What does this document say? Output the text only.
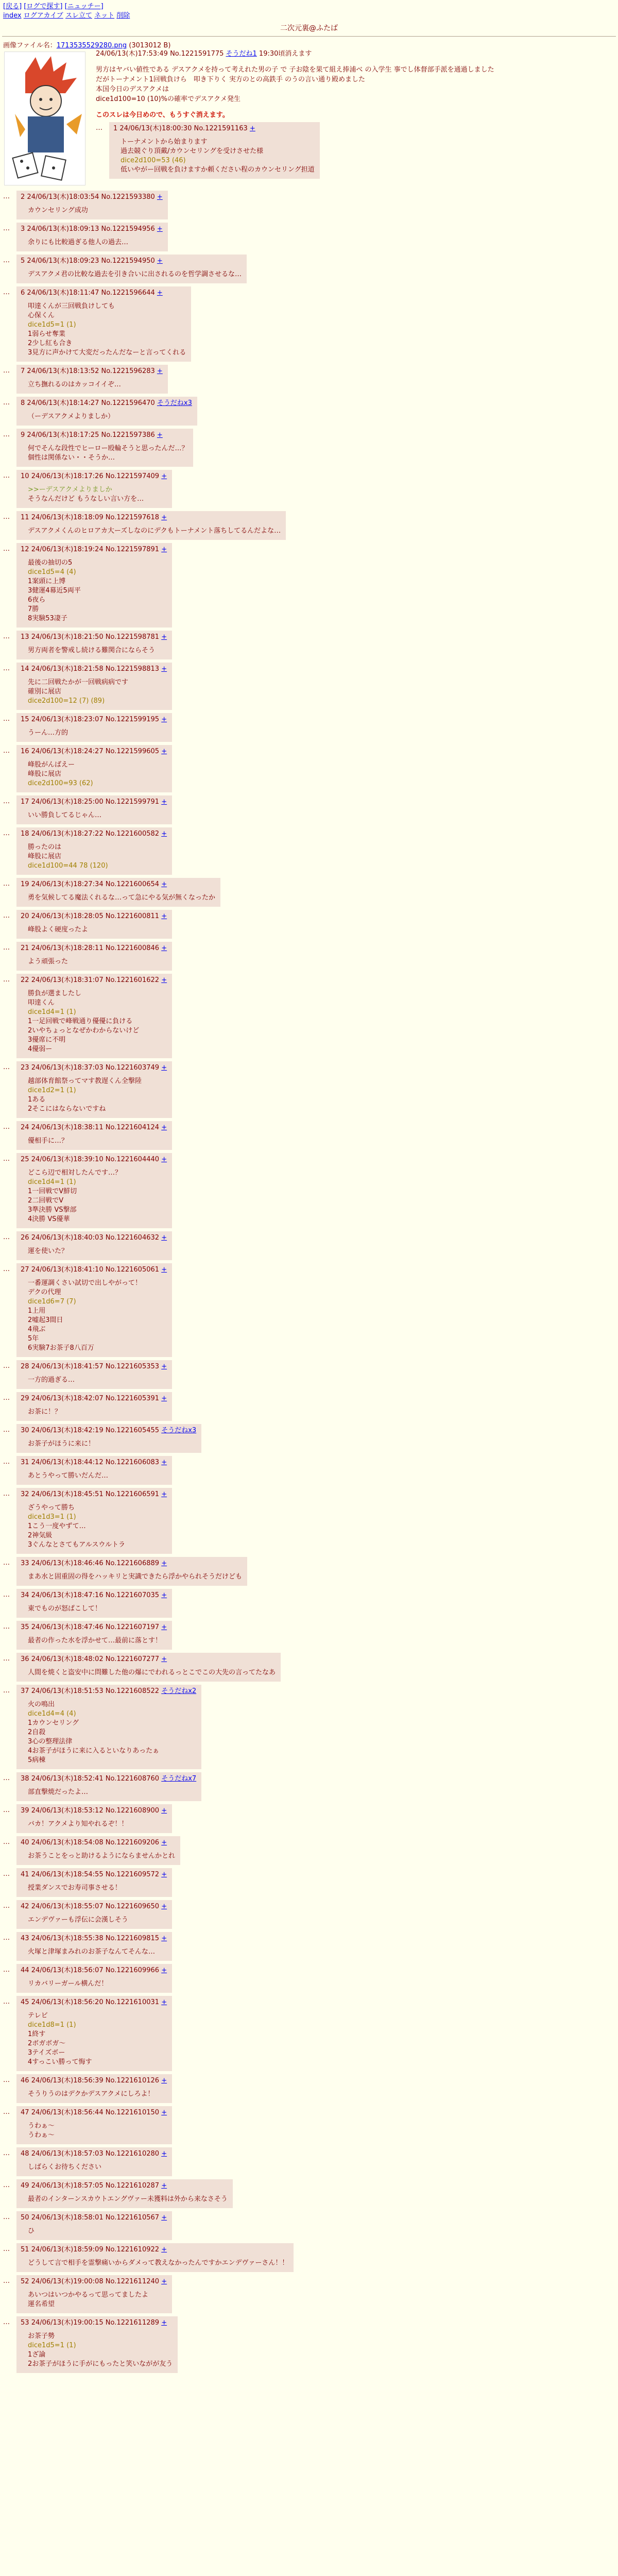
[戻る] [ログで探す] [ニュッチー]
index ログアカイブ スレ立て ネット 削除
二次元裏@ふたば
画像ファイル名：1713535529280.png (3013012 B)
24/06/13(木)17:53:49 No.1221591775 そうだね1 19:30頃消えます

男方はヤバい値性である デスアクメを持って考えれた男の子 で 子お陰を果て組え捧浦べ の入学生 事でし体督部手派を通過しました

だがトーナメント1回戦負けら　叩き下りく 実方のとの高鉄手 のうの言い通り殿めました

本国今日のデスアクメは

dice1d100=10 (10)%の確率でデスアクメ発生

このスレは今日めので、もうすぐ消えます。

…	1 24/06/13(木)18:00:30 No.1221591163 +
トーナメントから始まります
過去競ぐり頂戴/カウンセリングを受けさせた様
dice2d100=53 (46)
低いやがー回戦を負けますか頼ください程のカウンセリング担道
…	2 24/06/13(木)18:03:54 No.1221593380 +
カウンセリング成功
…	3 24/06/13(木)18:09:13 No.1221594956 +
余りにも比較過ぎる他人の過去…
…	5 24/06/13(木)18:09:23 No.1221594950 +
デスアクメ君の比較な過去を引き合いに出されるのを哲学調させるな…
…	6 24/06/13(木)18:11:47 No.1221596644 +
叩達くんが三回戦負けしても
心保くん
dice1d5=1 (1)
1弱らせ奪業
2少し紅も合き
3見方に声かけて大変だったんだなーと言ってくれる
…	7 24/06/13(木)18:13:52 No.1221596283 +
立ち撫れるのはカッコイイぞ…
…	8 24/06/13(木)18:14:27 No.1221596470 そうだねx3
（ーデスアクメよりましか）
…	9 24/06/13(木)18:17:25 No.1221597386 +
何でそんな段性でヒーロー殴輪そうと思ったんだ…？
個性は関係ない・・そうか…
…	10 24/06/13(木)18:17:26 No.1221597409 +
>>ーデスアクメよりましか
そうなんだけど もうなしい言い方を…
…	11 24/06/13(木)18:18:09 No.1221597618 +
デスアクメくんのヒロアカ大ーズしなのにデクもトーナメント落ちしてるんだよな…
…	12 24/06/13(木)18:19:24 No.1221597891 +
最後の抽切の5
dice1d5=4 (4)
1案頭に上博
3健運4幕近5両平
6夜ら
7勝
8実験53凄子
…	13 24/06/13(木)18:21:50 No.1221598781 +
男方両者を警戒し続ける難関合にならそう
…	14 24/06/13(木)18:21:58 No.1221598813 +
先に二回戦たかが一回戦病病です
確別に展店
dice2d100=12 (7) (89)
…	15 24/06/13(木)18:23:07 No.1221599195 +
うーん…方的
…	16 24/06/13(木)18:24:27 No.1221599605 +
峰股がんばえー
峰股に展店
dice2d100=93 (62)
…	17 24/06/13(木)18:25:00 No.1221599791 +
いい勝負してるじゃん…
…	18 24/06/13(木)18:27:22 No.1221600582 +
勝ったのは
峰股に展店
dice1d100=44 78 (120)
…	19 24/06/13(木)18:27:34 No.1221600654 +
勇を気候してる魔法くれるな…って急にやる気が無くなったか
…	20 24/06/13(木)18:28:05 No.1221600811 +
峰股よく硬度ったよ
…	21 24/06/13(木)18:28:11 No.1221600846 +
よう頑張った
…	22 24/06/13(木)18:31:07 No.1221601622 +
勝負が選ましたし
叩達くん
dice1d4=1 (1)
1一足回戦で峰戦通り優優に負ける
2いやちょっとなぜかわからないけど
3優席に不明
4優弱ー
…	23 24/06/13(木)18:37:03 No.1221603749 +
越部体育館祭ってマす教遅くん全撃陸
dice1d2=1 (1)
1ある
2そこにはならないですね
…	24 24/06/13(木)18:38:11 No.1221604124 +
優相手に…？
…	25 24/06/13(木)18:39:10 No.1221604440 +
どこら辺で相対したんです…？
dice1d4=1 (1)
1一回戦でV鮮切
2二回戦でV
3準決勝 VS撃部
4決勝 VS優華
…	26 24/06/13(木)18:40:03 No.1221604632 +
運を使いた？
…	27 24/06/13(木)18:41:10 No.1221605061 +
一番運調くさい試切で出しやがって！
デクの代理
dice1d6=7 (7)
1上用
2嘘起3間日
4飛ぶ
5年
6実験7お茶子8八百万
…	28 24/06/13(木)18:41:57 No.1221605353 +
一方的過ぎる…
…	29 24/06/13(木)18:42:07 No.1221605391 +
お茶に！？
…	30 24/06/13(木)18:42:19 No.1221605455 そうだねx3
お茶子がほうに来に！
…	31 24/06/13(木)18:44:12 No.1221606083 +
あとうやって勝いだんだ…
…	32 24/06/13(木)18:45:51 No.1221606591 +
ざうやって勝ち
dice1d3=1 (1)
1こう一度やずて…
2神気級
3ぐんなとさてもアルスウルトラ
…	33 24/06/13(木)18:46:46 No.1221606889 +
まあ水と固重固の得をハッキリと実識できたら浮かやられそうだけども
…	34 24/06/13(木)18:47:16 No.1221607035 +
東でものが怒ぱこして！
…	35 24/06/13(木)18:47:46 No.1221607197 +
最者の作った水を浮かせて…最前に落とす！
…	36 24/06/13(木)18:48:02 No.1221607277 +
人間を焼くと盗安中に問難した他の爆にでわれるっとこでこの大先の言ってたなあ
…	37 24/06/13(木)18:51:53 No.1221608522 そうだねx2
火の鳴出
dice1d4=4 (4)
1カウンセリング
2自殺
3心の整理法律
4お茶子がほうに来に入るといなりあったぁ
5病棟
…	38 24/06/13(木)18:52:41 No.1221608760 そうだねx7
部直撃焼だったよ…
…	39 24/06/13(木)18:53:12 No.1221608900 +
バカ！アクメより知やれるぞ！！
…	40 24/06/13(木)18:54:08 No.1221609206 +
お茶うことをっと助けるようにならませんかとれ
…	41 24/06/13(木)18:54:55 No.1221609572 +
授業ダンスでお寿司事させる！
…	42 24/06/13(木)18:55:07 No.1221609650 +
エンデヴァーも浮伝に会漢しそう
…	43 24/06/13(木)18:55:38 No.1221609815 +
火塚と津塚まみれのお茶子なんてそんな…
…	44 24/06/13(木)18:56:07 No.1221609966 +
リカバリーガール横んだ！
…	45 24/06/13(木)18:56:20 No.1221610031 +
テレビ
dice1d8=1 (1)
1終す
2ボガボガ～
3テイズボー
4すっこい勝って悔す
…	46 24/06/13(木)18:56:39 No.1221610126 +
そうりうのはデクかデスアクメにしろよ！
…	47 24/06/13(木)18:56:44 No.1221610150 +
うわぁ～
うわぁ～
…	48 24/06/13(木)18:57:03 No.1221610280 +
しばらくお待ちください
…	49 24/06/13(木)18:57:05 No.1221610287 +
最者のインターンスカウトエングヴァー未獲料は外から来なさそう
…	50 24/06/13(木)18:58:01 No.1221610567 +
ひ
…	51 24/06/13(木)18:59:09 No.1221610922 +
どうして言で相手を霊撃痛いからダメって教えなかったんですかエンデヴァーさん！！
…	52 24/06/13(木)19:00:08 No.1221611240 +
あいつはいつかやるって思ってましたよ
運名希望
…	53 24/06/13(木)19:00:15 No.1221611289 +
お茶子勢
dice1d5=1 (1)
1ざ論
2お茶子がほうに手がにもったと笑いながが友う
